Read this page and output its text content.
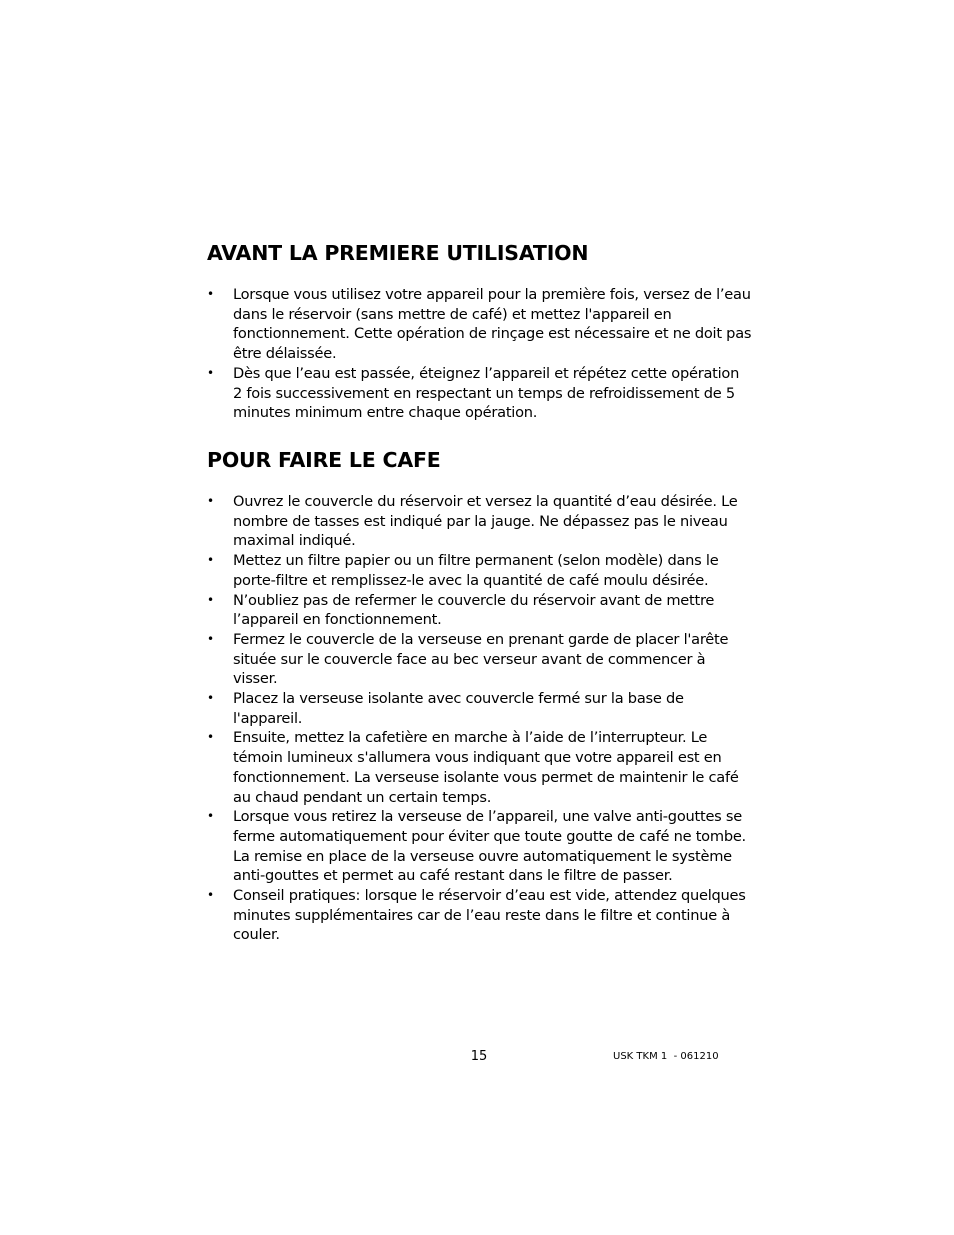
AVANT LA PREMIERE UTILISATION
• Lorsque vous utilisez votre appareil pour la première fois, versez de l’eau dans le réservoir (sans mettre de café) et mettez l'appareil en fonctionnement. Cette opération de rinçage est nécessaire et ne doit pas être délaissée.
• Dès que l’eau est passée, éteignez l’appareil et répétez cette opération 2 fois successivement en respectant un temps de refroidissement de 5 minutes minimum entre chaque opération.
POUR FAIRE LE CAFE
• Ouvrez le couvercle du réservoir et versez la quantité d’eau désirée. Le nombre de tasses est indiqué par la jauge. Ne dépassez pas le niveau maximal indiqué.
• Mettez un filtre papier ou un filtre permanent (selon modèle) dans le porte-filtre et remplissez-le avec la quantité de café moulu désirée.
• N’oubliez pas de refermer le couvercle du réservoir avant de mettre l’appareil en fonctionnement.
• Fermez le couvercle de la verseuse en prenant garde de placer l'arête située sur le couvercle face au bec verseur avant de commencer à visser.
• Placez la verseuse isolante avec couvercle fermé sur la base de l'appareil.
• Ensuite, mettez la cafetière en marche à l’aide de l’interrupteur. Le témoin lumineux s'allumera vous indiquant que votre appareil est en fonctionnement. La verseuse isolante vous permet de maintenir le café au chaud pendant un certain temps.
• Lorsque vous retirez la verseuse de l’appareil, une valve anti-gouttes se ferme automatiquement pour éviter que toute goutte de café ne tombe. La remise en place de la verseuse ouvre automatiquement le système anti-gouttes et permet au café restant dans le filtre de passer.
• Conseil pratiques: lorsque le réservoir d’eau est vide, attendez quelques minutes supplémentaires car de l’eau reste dans le filtre et continue à couler.
15	USK TKM 1  - 061210
